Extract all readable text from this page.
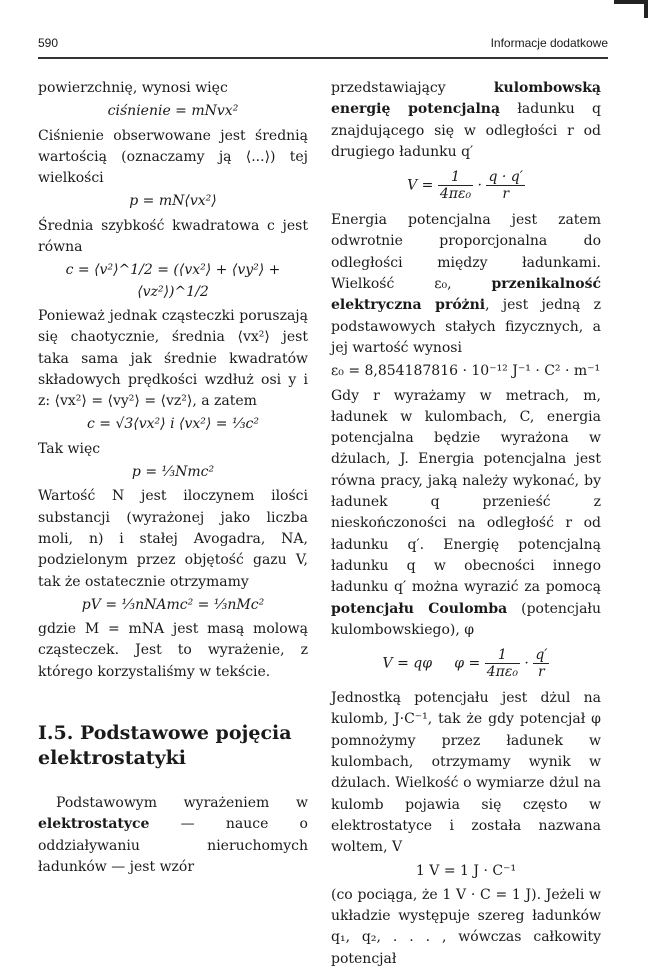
590	Informacje dodatkowe

powierzchnię, wynosi więc

ciśnienie = mNvx²

Ciśnienie obserwowane jest średnią wartością (oznaczamy ją ⟨...⟩) tej wielkości

p = mN⟨vx²⟩

Średnia szybkość kwadratowa c jest równa

c = ⟨v²⟩^1/2 = (⟨vx²⟩ + ⟨vy²⟩ + ⟨vz²⟩)^1/2

Ponieważ jednak cząsteczki poruszają się chaotycznie, średnia ⟨vx²⟩ jest taka sama jak średnie kwadratów składowych prędkości wzdłuż osi y i z: ⟨vx²⟩ = ⟨vy²⟩ = ⟨vz²⟩, a zatem

c = √3⟨vx²⟩ i ⟨vx²⟩ = ⅓c²

Tak więc

p = ⅓Nmc²

Wartość N jest iloczynem ilości substancji (wyrażonej jako liczba moli, n) i stałej Avogadra, NA, podzielonym przez objętość gazu V, tak że ostatecznie otrzymamy

pV = ⅓nNAmc² = ⅓nMc²

gdzie M = mNA jest masą molową cząsteczek. Jest to wyrażenie, z którego korzystaliśmy w tekście.

I.5. Podstawowe pojęcia elektrostatyki

Podstawowym wyrażeniem w elektrostatyce — nauce o oddziaływaniu nieruchomych ładunków — jest wzór

przedstawiający kulombowską energię potencjalną ładunku q znajdującego się w odległości r od drugiego ładunku q′

$V = \frac{1}{\text{4πε₀}} \cdot \frac{q \cdot q'}{r}$

Energia potencjalna jest zatem odwrotnie proporcjonalna do odległości między ładunkami. Wielkość ε₀, przenikalność elektryczna próżni, jest jedną z podstawowych stałych fizycznych, a jej wartość wynosi

ε₀ = 8,854187816 · 10⁻¹² J⁻¹ · C² · m⁻¹

Gdy r wyrażamy w metrach, m, ładunek w kulombach, C, energia potencjalna będzie wyrażona w dżulach, J. Energia potencjalna jest równa pracy, jaką należy wykonać, by ładunek q przenieść z nieskończoności na odległość r od ładunku q′. Energię potencjalną ładunku q w obecności innego ładunku q′ można wyrazić za pomocą potencjału Coulomba (potencjału kulombowskiego), φ

V = qφ $\varphi = \frac{1}{\text{4πε₀}} \cdot \frac{q'}{r}$

Jednostką potencjału jest dżul na kulomb, J·C⁻¹, tak że gdy potencjał φ pomnożymy przez ładunek w kulombach, otrzymamy wynik w dżulach. Wielkość o wymiarze dżul na kulomb pojawia się często w elektrostatyce i została nazwana woltem, V

1 V = 1 J · C⁻¹

(co pociąga, że 1 V · C = 1 J). Jeżeli w układzie występuje szereg ładunków q₁, q₂, . . . , wówczas całkowity potencjał
